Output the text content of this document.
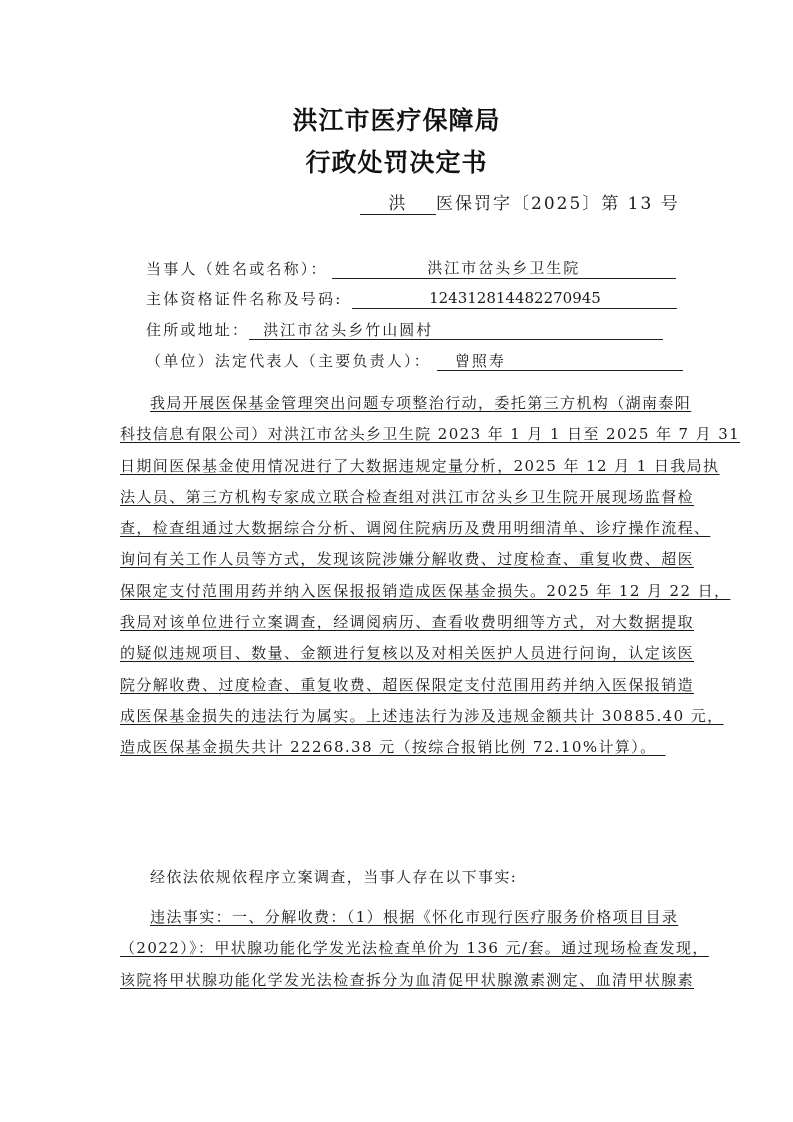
洪江市医疗保障局
行政处罚决定书
洪 医保罚字〔2025〕第 13 号
当事人（姓名或名称）：	洪江市岔头乡卫生院
主体资格证件名称及号码:	124312814482270945
住所或地址： 洪江市岔头乡竹山圆村
（单位）法定代表人（主要负责人）：	曾照寿
我局开展医保基金管理突出问题专项整治行动，委托第三方机构（湖南泰阳
科技信息有限公司）对洪江市岔头乡卫生院 2023 年 1 月 1 日至 2025 年 7 月 31
日期间医保基金使用情况进行了大数据违规定量分析，2025 年 12 月 1 日我局执
法人员、第三方机构专家成立联合检查组对洪江市岔头乡卫生院开展现场监督检
查，检查组通过大数据综合分析、调阅住院病历及费用明细清单、诊疗操作流程、
询问有关工作人员等方式，发现该院涉嫌分解收费、过度检查、重复收费、超医
保限定支付范围用药并纳入医保报报销造成医保基金损失。2025 年 12 月 22 日，
我局对该单位进行立案调查，经调阅病历、查看收费明细等方式，对大数据提取
的疑似违规项目、数量、金额进行复核以及对相关医护人员进行问询，认定该医
院分解收费、过度检查、重复收费、超医保限定支付范围用药并纳入医保报销造
成医保基金损失的违法行为属实。上述违法行为涉及违规金额共计 30885.40 元，
造成医保基金损失共计 22268.38 元（按综合报销比例 72.10%计算）。　
经依法依规依程序立案调查，当事人存在以下事实:
违法事实：一、分解收费：（1）根据《怀化市现行医疗服务价格项目目录
（2022）》：甲状腺功能化学发光法检查单价为 136 元/套。通过现场检查发现，
该院将甲状腺功能化学发光法检查拆分为血清促甲状腺激素测定、血清甲状腺素
